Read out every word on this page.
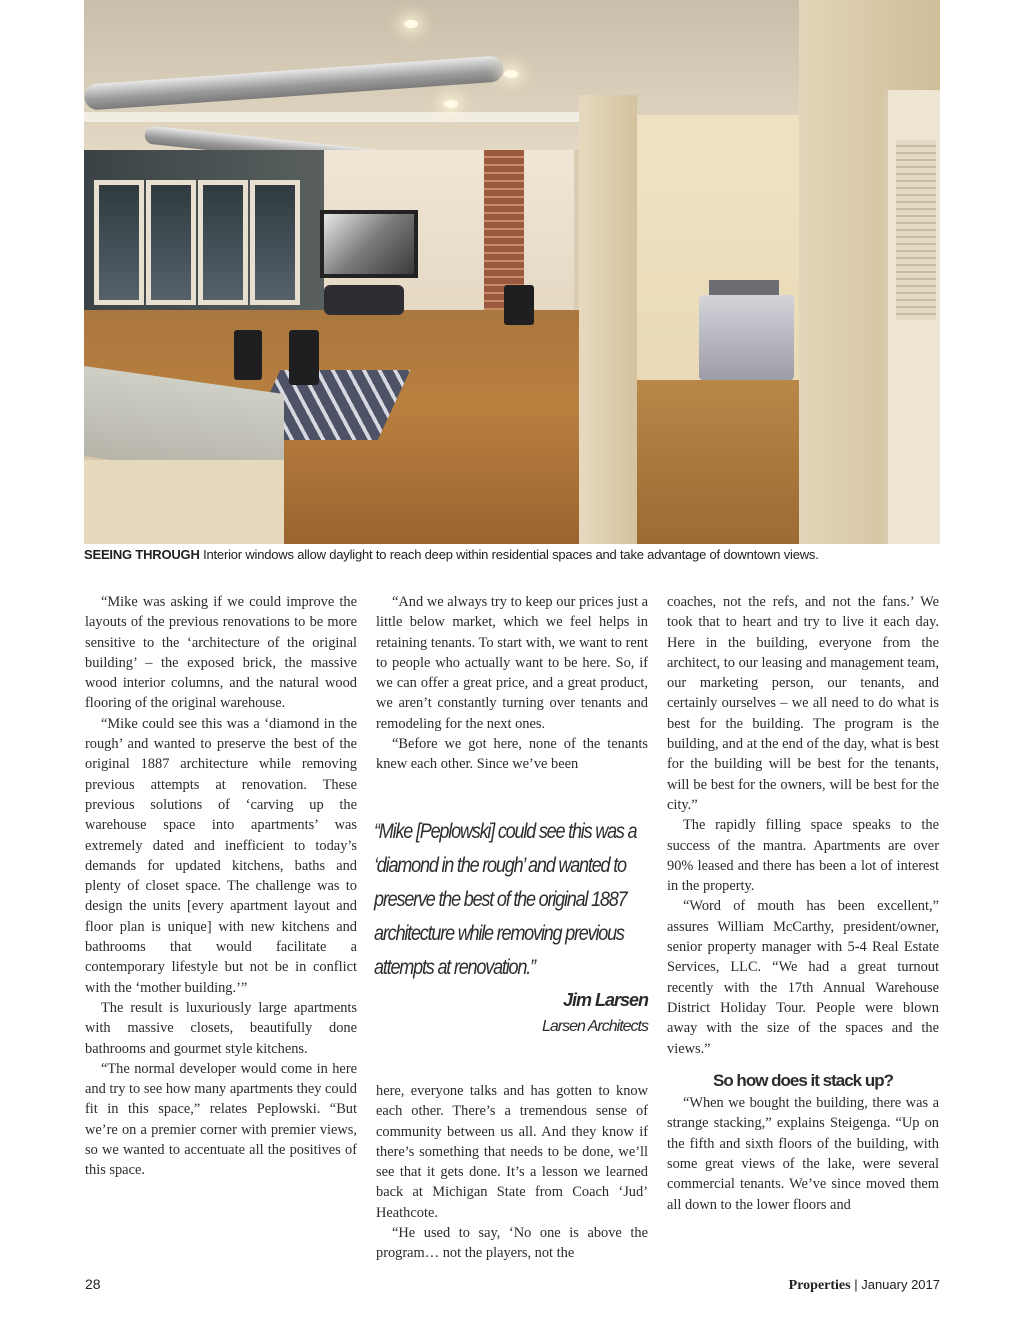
SEEING THROUGH Interior windows allow daylight to reach deep within residential spaces and take advantage of downtown views.

“Mike was asking if we could improve the layouts of the previous renovations to be more sensitive to the ‘architecture of the original building’ – the exposed brick, the massive wood interior columns, and the natural wood flooring of the original warehouse.

“Mike could see this was a ‘diamond in the rough’ and wanted to preserve the best of the original 1887 architecture while removing previous attempts at renovation. These previous solutions of ‘carving up the warehouse space into apartments’ was extremely dated and inefficient to today’s demands for updated kitchens, baths and plenty of closet space. The challenge was to design the units [every apartment layout and floor plan is unique] with new kitchens and bathrooms that would facilitate a contemporary lifestyle but not be in conflict with the ‘mother building.’”

The result is luxuriously large apartments with massive closets, beautifully done bathrooms and gourmet style kitchens.

“The normal developer would come in here and try to see how many apartments they could fit in this space,” relates Peplowski. “But we’re on a premier corner with premier views, so we wanted to accentuate all the positives of this space.

“And we always try to keep our prices just a little below market, which we feel helps in retaining tenants. To start with, we want to rent to people who actually want to be here. So, if we can offer a great price, and a great product, we aren’t constantly turning over tenants and remodeling for the next ones.

“Before we got here, none of the tenants knew each other. Since we’ve been

“Mike [Peplowski] could see this was a ‘diamond in the rough’ and wanted to preserve the best of the original 1887 architecture while removing previous attempts at renovation.”
Jim Larsen
Larsen Architects

here, everyone talks and has gotten to know each other. There’s a tremendous sense of community between us all. And they know if there’s something that needs to be done, we’ll see that it gets done. It’s a lesson we learned back at Michigan State from Coach ‘Jud’ Heathcote.

“He used to say, ‘No one is above the program… not the players, not the

coaches, not the refs, and not the fans.’ We took that to heart and try to live it each day. Here in the building, everyone from the architect, to our leasing and management team, our marketing person, our tenants, and certainly ourselves – we all need to do what is best for the building. The program is the building, and at the end of the day, what is best for the building will be best for the tenants, will be best for the owners, will be best for the city.”

The rapidly filling space speaks to the success of the mantra. Apartments are over 90% leased and there has been a lot of interest in the property.

“Word of mouth has been excellent,” assures William McCarthy, president/owner, senior property manager with 5-4 Real Estate Services, LLC. “We had a great turnout recently with the 17th Annual Warehouse District Holiday Tour. People were blown away with the size of the spaces and the views.”

So how does it stack up?

“When we bought the building, there was a strange stacking,” explains Steigenga. “Up on the fifth and sixth floors of the building, with some great views of the lake, were several commercial tenants. We’ve since moved them all down to the lower floors and

28	Properties | January 2017
